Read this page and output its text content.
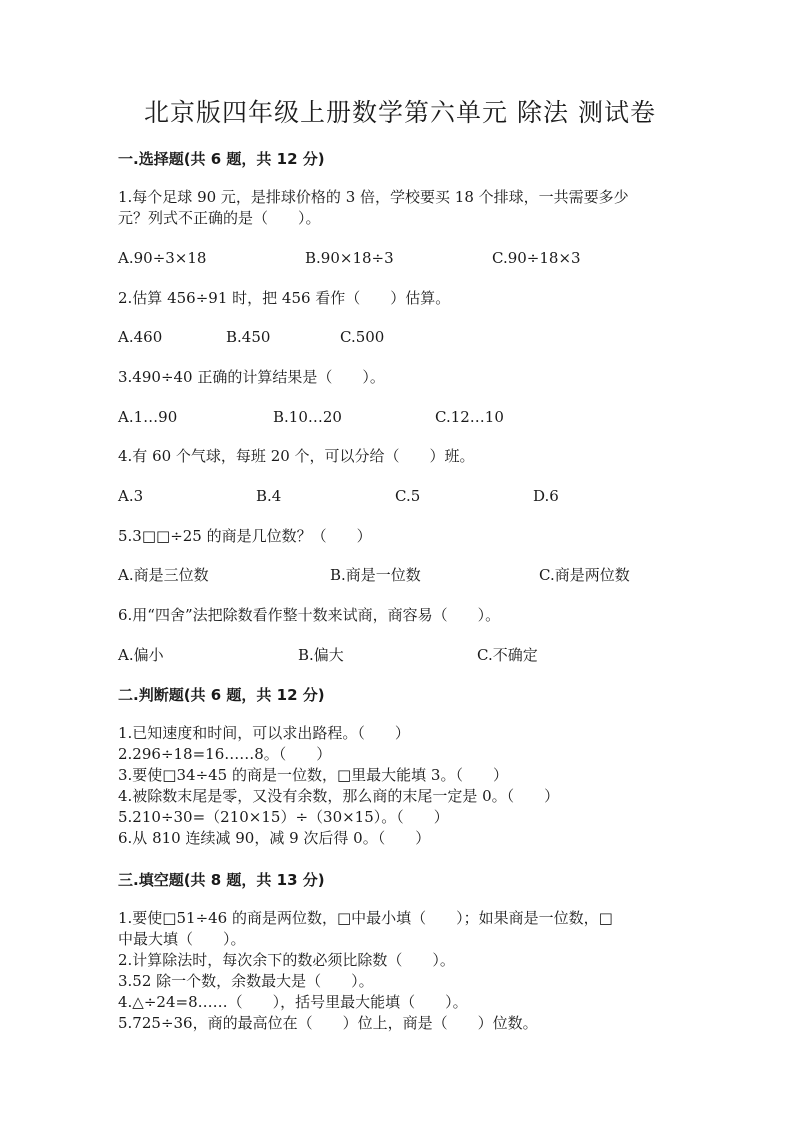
北京版四年级上册数学第六单元 除法 测试卷
一.选择题(共 6 题，共 12 分)
1.每个足球 90 元，是排球价格的 3 倍，学校要买 18 个排球，一共需要多少
元？列式不正确的是（　　）。
A.90÷3×18	B.90×18÷3	C.90÷18×3
2.估算 456÷91 时，把 456 看作（　　）估算。
A.460	B.450	C.500
3.490÷40 正确的计算结果是（　　）。
A.1…90	B.10…20	C.12…10
4.有 60 个气球，每班 20 个，可以分给（　　）班。
A.3	B.4	C.5	D.6
5.3□□÷25 的商是几位数？（　　）
A.商是三位数	B.商是一位数	C.商是两位数
6.用“四舍”法把除数看作整十数来试商，商容易（　　）。
A.偏小	B.偏大	C.不确定
二.判断题(共 6 题，共 12 分)
1.已知速度和时间，可以求出路程。（　　）
2.296÷18=16……8。（　　）
3.要使□34÷45 的商是一位数，□里最大能填 3。（　　）
4.被除数末尾是零，又没有余数，那么商的末尾一定是 0。（　　）
5.210÷30=（210×15）÷（30×15）。（　　）
6.从 810 连续减 90，减 9 次后得 0。（　　）
三.填空题(共 8 题，共 13 分)
1.要使□51÷46 的商是两位数，□中最小填（　　）；如果商是一位数，□
中最大填（　　）。
2.计算除法时，每次余下的数必须比除数（　　）。
3.52 除一个数，余数最大是（　　）。
4.△÷24=8……（　　），括号里最大能填（　　）。
5.725÷36，商的最高位在（　　）位上，商是（　　）位数。
